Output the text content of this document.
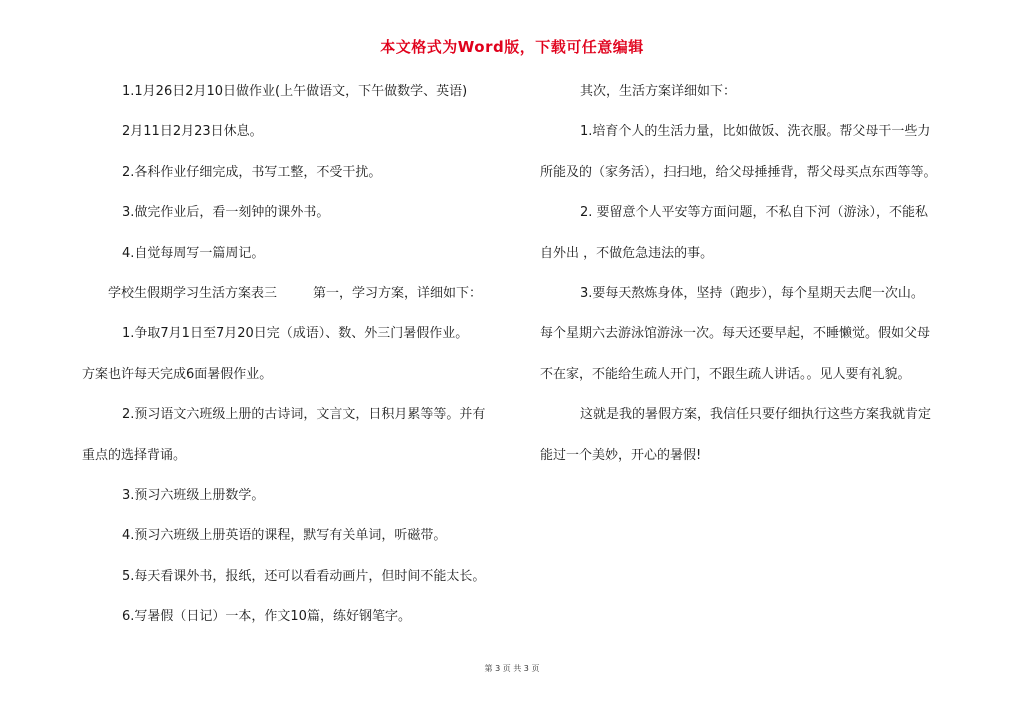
本文格式为Word版，下载可任意编辑
1.1月26日2月10日做作业(上午做语文，下午做数学、英语)
2月11日2月23日休息。
2.各科作业仔细完成，书写工整，不受干扰。
3.做完作业后，看一刻钟的课外书。
4.自觉每周写一篇周记。
学校生假期学习生活方案表三	第一，学习方案，详细如下：
1.争取7月1日至7月20日完（成语）、数、外三门暑假作业。
方案也许每天完成6面暑假作业。
2.预习语文六班级上册的古诗词，文言文，日积月累等等。并有
重点的选择背诵。
3.预习六班级上册数学。
4.预习六班级上册英语的课程，默写有关单词，听磁带。
5.每天看课外书，报纸，还可以看看动画片，但时间不能太长。
6.写暑假（日记）一本，作文10篇，练好钢笔字。
其次，生活方案详细如下：
1.培育个人的生活力量，比如做饭、洗衣服。帮父母干一些力
所能及的（家务活），扫扫地，给父母捶捶背，帮父母买点东西等等。
2. 要留意个人平安等方面问题，不私自下河（游泳），不能私
自外出 ，不做危急违法的事。
3.要每天熬炼身体，坚持（跑步），每个星期天去爬一次山。
每个星期六去游泳馆游泳一次。每天还要早起，不睡懒觉。假如父母
不在家，不能给生疏人开门，不跟生疏人讲话。。见人要有礼貌。
这就是我的暑假方案，我信任只要仔细执行这些方案我就肯定
能过一个美妙，开心的暑假!
第 3 页 共 3 页
